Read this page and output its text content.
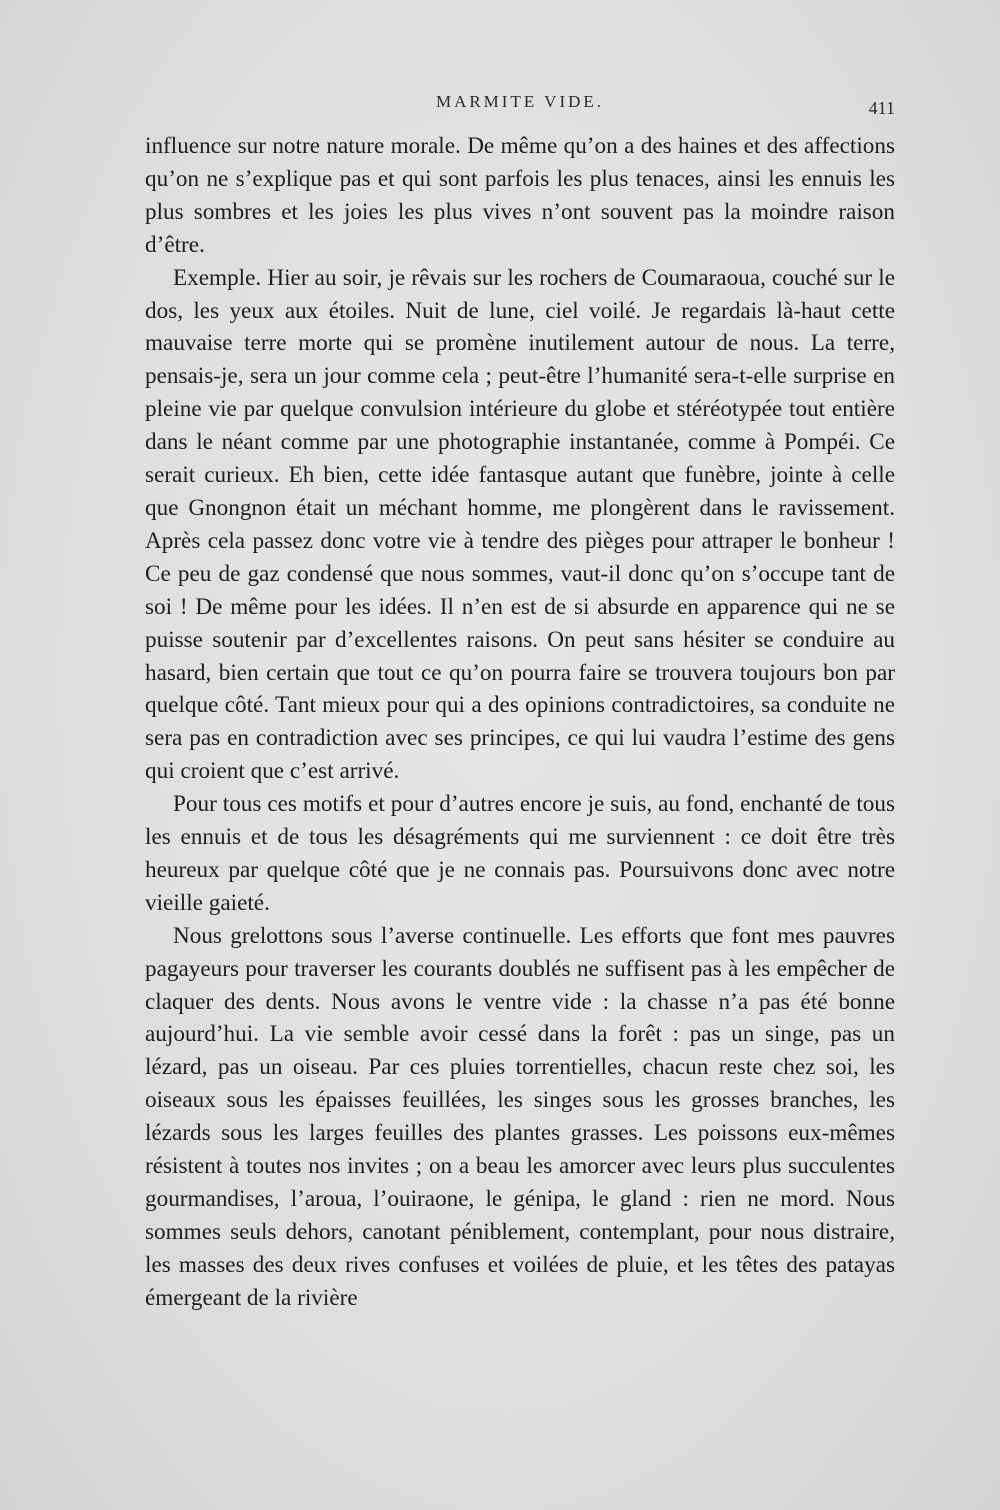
MARMITE VIDE.	411

influence sur notre nature morale. De même qu’on a des haines et des affections qu’on ne s’explique pas et qui sont parfois les plus tenaces, ainsi les ennuis les plus sombres et les joies les plus vives n’ont souvent pas la moindre raison d’être.

Exemple. Hier au soir, je rêvais sur les rochers de Coumaraoua, couché sur le dos, les yeux aux étoiles. Nuit de lune, ciel voilé. Je regardais là-haut cette mauvaise terre morte qui se promène inutilement autour de nous. La terre, pensais-je, sera un jour comme cela ; peut-être l’humanité sera-t-elle surprise en pleine vie par quelque convulsion intérieure du globe et stéréotypée tout entière dans le néant comme par une photographie instantanée, comme à Pompéi. Ce serait curieux. Eh bien, cette idée fantasque autant que funèbre, jointe à celle que Gnongnon était un méchant homme, me plongèrent dans le ravissement. Après cela passez donc votre vie à tendre des pièges pour attraper le bonheur ! Ce peu de gaz condensé que nous sommes, vaut-il donc qu’on s’occupe tant de soi ! De même pour les idées. Il n’en est de si absurde en apparence qui ne se puisse soutenir par d’excellentes raisons. On peut sans hésiter se conduire au hasard, bien certain que tout ce qu’on pourra faire se trouvera toujours bon par quelque côté. Tant mieux pour qui a des opinions contradictoires, sa conduite ne sera pas en contradiction avec ses principes, ce qui lui vaudra l’estime des gens qui croient que c’est arrivé.

Pour tous ces motifs et pour d’autres encore je suis, au fond, enchanté de tous les ennuis et de tous les désagréments qui me surviennent : ce doit être très heureux par quelque côté que je ne connais pas. Poursuivons donc avec notre vieille gaieté.

Nous grelottons sous l’averse continuelle. Les efforts que font mes pauvres pagayeurs pour traverser les courants doublés ne suffisent pas à les empêcher de claquer des dents. Nous avons le ventre vide : la chasse n’a pas été bonne aujourd’hui. La vie semble avoir cessé dans la forêt : pas un singe, pas un lézard, pas un oiseau. Par ces pluies torrentielles, chacun reste chez soi, les oiseaux sous les épaisses feuillées, les singes sous les grosses branches, les lézards sous les larges feuilles des plantes grasses. Les poissons eux-mêmes résistent à toutes nos invites ; on a beau les amorcer avec leurs plus succulentes gourmandises, l’aroua, l’ouiraone, le génipa, le gland : rien ne mord. Nous sommes seuls dehors, canotant péniblement, contemplant, pour nous distraire, les masses des deux rives confuses et voilées de pluie, et les têtes des patayas émergeant de la rivière
